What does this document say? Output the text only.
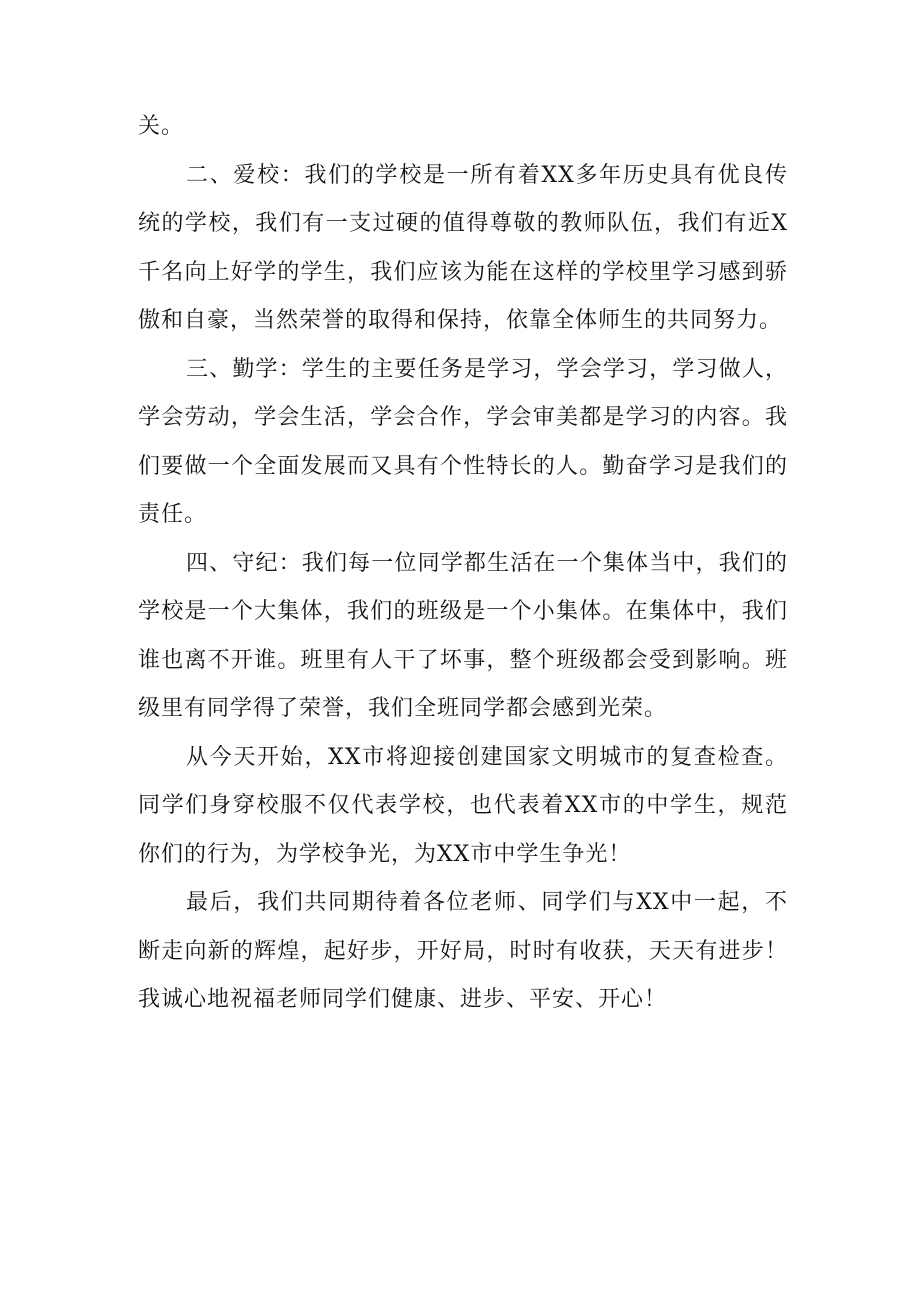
关。

二、爱校：我们的学校是一所有着XX多年历史具有优良传统的学校，我们有一支过硬的值得尊敬的教师队伍，我们有近X千名向上好学的学生，我们应该为能在这样的学校里学习感到骄傲和自豪，当然荣誉的取得和保持，依靠全体师生的共同努力。

三、勤学：学生的主要任务是学习，学会学习，学习做人，学会劳动，学会生活，学会合作，学会审美都是学习的内容。我们要做一个全面发展而又具有个性特长的人。勤奋学习是我们的责任。

四、守纪：我们每一位同学都生活在一个集体当中，我们的学校是一个大集体，我们的班级是一个小集体。在集体中，我们谁也离不开谁。班里有人干了坏事，整个班级都会受到影响。班级里有同学得了荣誉，我们全班同学都会感到光荣。

从今天开始，XX市将迎接创建国家文明城市的复查检查。同学们身穿校服不仅代表学校，也代表着XX市的中学生，规范你们的行为，为学校争光，为XX市中学生争光！

最后，我们共同期待着各位老师、同学们与XX中一起，不断走向新的辉煌，起好步，开好局，时时有收获，天天有进步！我诚心地祝福老师同学们健康、进步、平安、开心！
